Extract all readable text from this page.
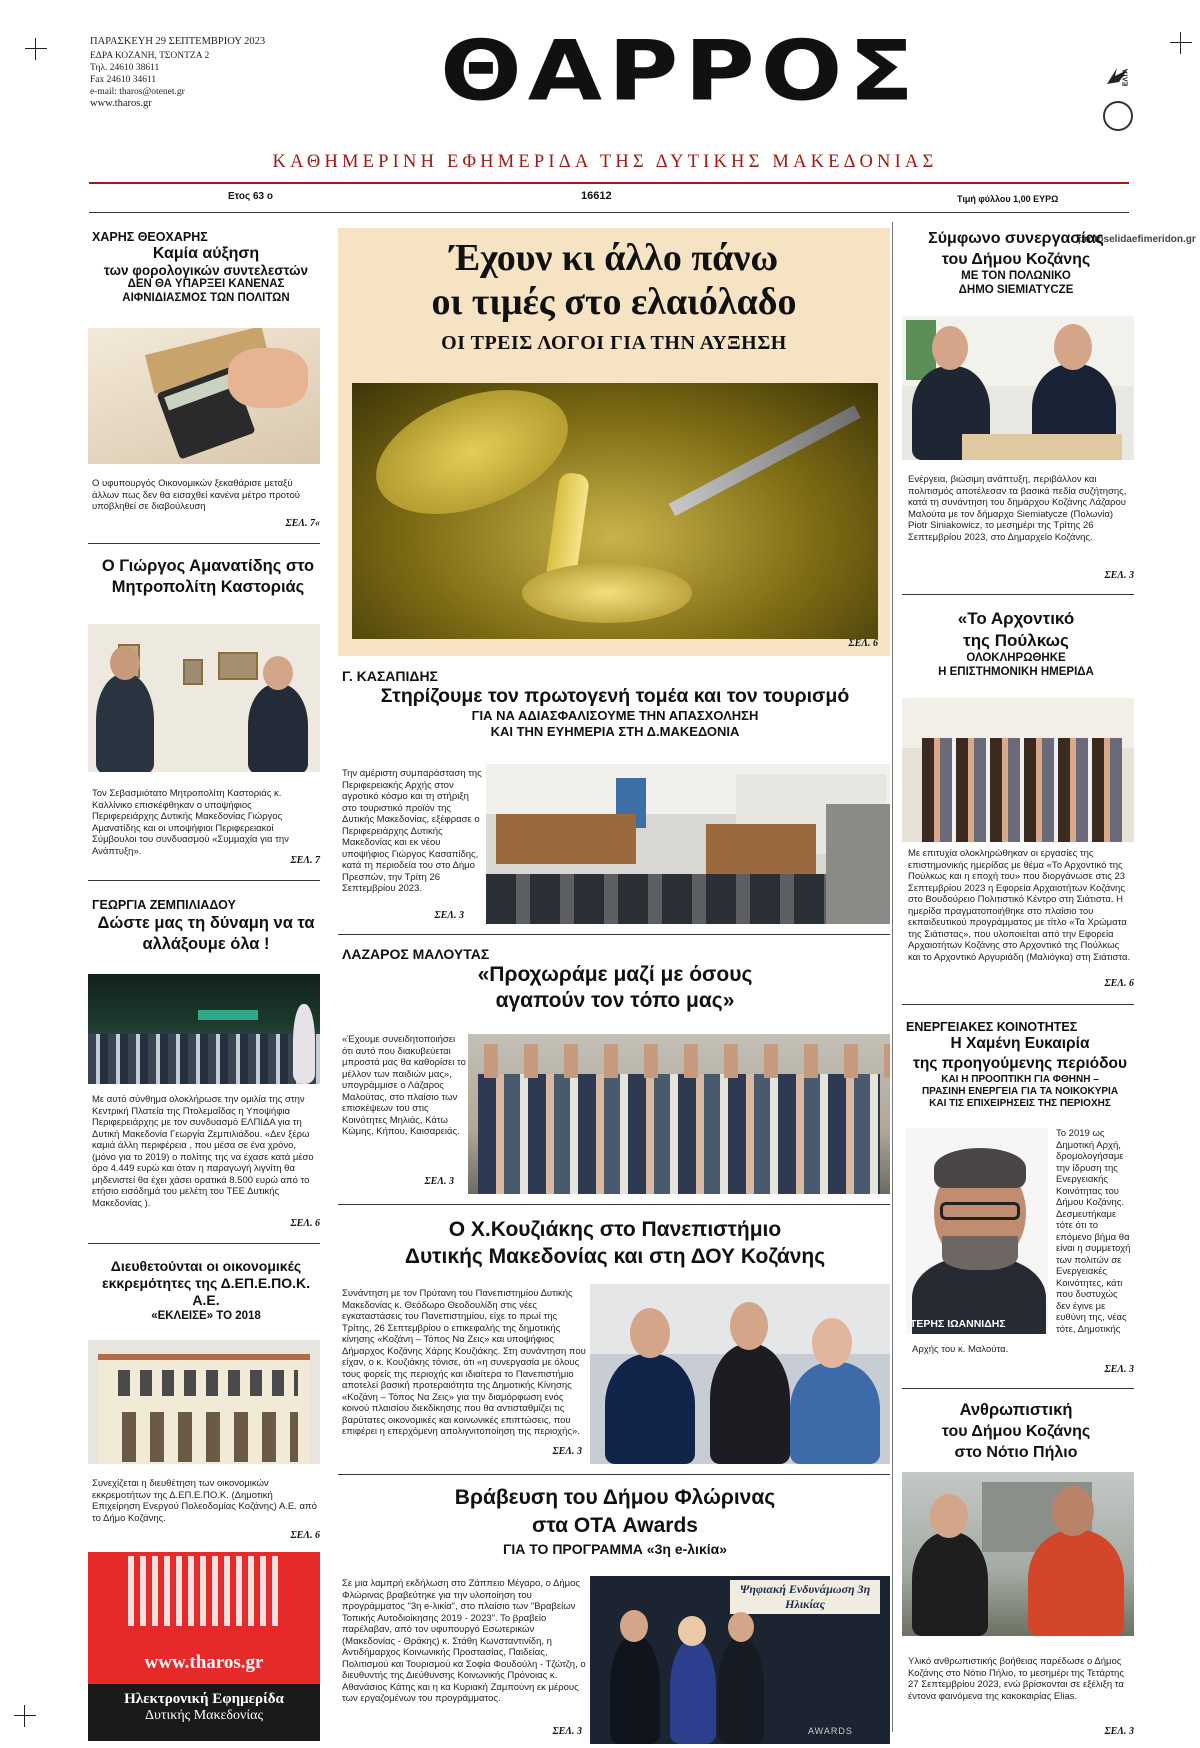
ΠΑΡΑΣΚΕΥΗ 29 ΣΕΠΤΕΜΒΡΙΟΥ 2023
ΕΔΡΑ ΚΟΖΑΝΗ, ΤΣΟΝΤΖΑ 2
Τηλ. 24610 38611
Fax 24610 34611
e-mail: tharos@otenet.gr
www.tharos.gr	ΘΑΡΡΟΣ	ΕΛΤΑ
protoselidaefimeridon.gr
ΚΑΘΗΜΕΡΙΝΗ ΕΦΗΜΕΡΙΔΑ ΤΗΣ ΔΥΤΙΚΗΣ ΜΑΚΕΔΟΝΙΑΣ
Ετος 63 ο	16612	Τιμή φύλλου 1,00 ΕΥΡΩ
ΧΑΡΗΣ ΘΕΟΧΑΡΗΣ
Καμία αύξηση
των φορολογικών συντελεστών
ΔΕΝ ΘΑ ΥΠΑΡΞΕΙ ΚΑΝΕΝΑΣ
ΑΙΦΝΙΔΙΑΣΜΟΣ ΤΩΝ ΠΟΛΙΤΩΝ
Ο υφυπουργός Οικονομικών ξεκαθάρισε μεταξύ άλλων πως δεν θα εισαχθεί κανένα μέτρο προτού υποβληθεί σε διαβούλευση
ΣΕΛ. 7«
Ο Γιώργος Αμανατίδης στο Μητροπολίτη Καστοριάς
Τον Σεβασμιότατο Μητροπολίτη Καστοριάς κ. Καλλίνικο επισκέφθηκαν ο υποψήφιος Περιφερειάρχης Δυτικής Μακεδονίας Γιώργος Αμανατίδης και οι υποψήφιοι Περιφερειακοί Σύμβουλοι του συνδυασμού «Συμμαχία για την Ανάπτυξη».
ΣΕΛ. 7
ΓΕΩΡΓΙΑ ΖΕΜΠΙΛΙΑΔΟΥ
Δώστε μας τη δύναμη να τα αλλάξουμε όλα !
Με αυτό σύνθημα ολοκλήρωσε την ομιλία της στην Κεντρική Πλατεία της Πτολεμαΐδας η Υποψήφια Περιφερειάρχης με τον συνδυασμό ΕΛΠΙΔΑ για τη Δυτική Μακεδονία Γεωργία Ζεμπιλιάδου. «Δεν ξέρω καμιά άλλη περιφέρεια , που μέσα σε ένα χρόνο, (μόνο για το 2019) ο πολίτης της να έχασε κατά μέσο όρο 4.449 ευρώ και όταν η παραγωγή λιγνίτη θα μηδενιστεί θα έχει χάσει ορατικά 8.500 ευρώ από το ετήσιο εισόδημά του μελέτη του ΤΕΕ Δυτικής Μακεδονίας ).
ΣΕΛ. 6
Διευθετούνται οι οικονομικές εκκρεμότητες της Δ.ΕΠ.Ε.ΠΟ.Κ. Α.Ε.
«ΕΚΛΕΙΣΕ» ΤΟ 2018
Συνεχίζεται η διευθέτηση των οικονομικών εκκρεμοτήτων της Δ.ΕΠ.Ε.ΠΟ.Κ. (Δημοτική Επιχείρηση Ενεργού Πολεοδομίας Κοζάνης) Α.Ε. από το Δήμο Κοζάνης.
ΣΕΛ. 6
www.tharos.gr
Ηλεκτρονική Εφημερίδα
Δυτικής Μακεδονίας
Έχουν κι άλλο πάνω
οι τιμές στο ελαιόλαδο
ΟΙ ΤΡΕΙΣ ΛΟΓΟΙ ΓΙΑ ΤΗΝ ΑΥΞΗΣΗ
ΣΕΛ. 6
Γ. ΚΑΣΑΠΙΔΗΣ
Στηρίζουμε τον πρωτογενή τομέα και τον τουρισμό
ΓΙΑ ΝΑ ΑΔΙΑΣΦΑΛΙΣΟΥΜΕ ΤΗΝ ΑΠΑΣΧΟΛΗΣΗ
ΚΑΙ ΤΗΝ ΕΥΗΜΕΡΙΑ ΣΤΗ Δ.ΜΑΚΕΔΟΝΙΑ
Την αμέριστη συμπαράσταση της Περιφερειακής Αρχής στον αγροτικό κόσμο και τη στήριξη στο τουριστικό προϊόν της Δυτικής Μακεδονίας, εξέφρασε ο Περιφερειάρχης Δυτικής Μακεδονίας και εκ νέου υποψήφιος Γιώργος Κασαπίδης, κατά τη περιοδεία του στο Δήμο Πρεσπών, την Τρίτη 26 Σεπτεμβρίου 2023.
ΣΕΛ. 3
ΛΑΖΑΡΟΣ ΜΑΛΟΥΤΑΣ
«Προχωράμε μαζί με όσους
αγαπούν τον τόπο μας»
«Έχουμε συνειδητοποιήσει ότι αυτό που διακυβεύεται μπροστά μας θα καθορίσει το μέλλον των παιδιών μας», υπογράμμισε ο Λάζαρος Μαλούτας, στο πλαίσιο των επισκέψεων του στις Κοινότητες Μηλιάς, Κάτω Κώμης, Κήπου, Καισαρειάς.
ΣΕΛ. 3
Ο Χ.Κουζιάκης στο Πανεπιστήμιο
Δυτικής Μακεδονίας και στη ΔΟΥ Κοζάνης
Συνάντηση με τον Πρύτανη του Πανεπιστημίου Δυτικής Μακεδονίας κ. Θεόδωρο Θεοδουλίδη στις νέες εγκαταστάσεις του Πανεπιστημίου, είχε το πρωί της Τρίτης, 26 Σεπτεμβρίου ο επικεφαλής της δημοτικής κίνησης «Κοζάνη – Τόπος Να Ζεις» και υποψήφιος Δήμαρχος Κοζάνης Χάρης Κουζιάκης. Στη συνάντηση που είχαν, ο κ. Κουζιάκης τόνισε, ότι «η συνεργασία με όλους τους φορείς της περιοχής και ιδιαίτερα το Πανεπιστήμιο αποτελεί βασική προτεραιότητα της Δημοτικής Κίνησης «Κοζάνη – Τόπος Να Ζεις» για την διαμόρφωση ενός κοινού πλαισίου διεκδίκησης που θα αντισταθμίζει τις βαρύτατες οικονομικές και κοινωνικές επιπτώσεις, που επιφέρει η επερχόμενη απολιγνιτοποίηση της περιοχής».
ΣΕΛ. 3
Βράβευση του Δήμου Φλώρινας
στα ΟΤΑ Awards
ΓΙΑ ΤΟ ΠΡΟΓΡΑΜΜΑ «3η e-λικία»
Σε μια λαμπρή εκδήλωση στο Ζάππειο Μέγαρο, ο Δήμος Φλώρινας βραβεύτηκε για την υλοποίηση του προγράμματος "3η e-λικία", στο πλαίσιο των "Βραβείων Τοπικής Αυτοδιοίκησης 2019 - 2023". Το βραβείο παρέλαβαν, από τον υφυπουργό Εσωτερικών (Μακεδονίας - Θράκης) κ. Στάθη Κωνσταντινίδη, η Αντιδήμαρχος Κοινωνικής Προστασίας, Παιδείας, Πολιτισμού και Τουρισμού κα Σοφία Φουδούλη - Τζώτζη, ο διευθυντής της Διεύθυνσης Κοινωνικής Πρόνοιας κ. Αθανάσιος Κάτης και η κα Κυριακή Ζαμπούνη εκ μέρους των εργαζομένων του προγράμματος.
ΣΕΛ. 3
Ψηφιακή Ενδυνάμωση 3η Ηλικίας
AWARDS
Σύμφωνο συνεργασίας
του Δήμου Κοζάνης
ΜΕ ΤΟΝ ΠΟΛΩΝΙΚΟ
ΔΗΜΟ SIEMIATYCZE
Ενέργεια, βιώσιμη ανάπτυξη, περιβάλλον και πολιτισμός αποτέλεσαν τα βασικά πεδία συζήτησης, κατά τη συνάντηση του δημάρχου Κοζάνης Λάζαρου Μαλούτα με τον δήμαρχο Siemiatycze (Πολωνία) Piotr Siniakowicz, το μεσημέρι της Τρίτης 26 Σεπτεμβρίου 2023, στο Δημαρχείο Κοζάνης.
ΣΕΛ. 3
«Το Αρχοντικό
της Πούλκως
ΟΛΟΚΛΗΡΩΘΗΚΕ
Η ΕΠΙΣΤΗΜΟΝΙΚΗ ΗΜΕΡΙΔΑ
Με επιτυχία ολοκληρώθηκαν οι εργασίες της επιστημονικής ημερίδας με θέμα «Το Αρχοντικό της Πούλκως και η εποχή του» που διοργάνωσε στις 23 Σεπτεμβρίου 2023 η Εφορεία Αρχαιοτήτων Κοζάνης στο Βουδούρειο Πολιτιστικό Κέντρο στη Σιάτιστα. Η ημερίδα πραγματοποιήθηκε στο πλαίσιο του εκπαιδευτικού προγράμματος με τίτλο «Τα Χρώματα της Σιάτιστας», που υλοποιείται από την Εφορεία Αρχαιοτήτων Κοζάνης στο Αρχοντικό της Πούλκως και το Αρχοντικό Αργυριάδη (Μαλιόγκα) στη Σιάτιστα.
ΣΕΛ. 6
ΕΝΕΡΓΕΙΑΚΕΣ ΚΟΙΝΟΤΗΤΕΣ
Η Χαμένη Ευκαιρία
της προηγούμενης περιόδου
ΚΑΙ Η ΠΡΟΟΠΤΙΚΗ ΓΙΑ ΦΘΗΝΗ –
ΠΡΑΣΙΝΗ ΕΝΕΡΓΕΙΑ ΓΙΑ ΤΑ ΝΟΙΚΟΚΥΡΙΑ
ΚΑΙ ΤΙΣ ΕΠΙΧΕΙΡΗΣΕΙΣ ΤΗΣ ΠΕΡΙΟΧΗΣ
ΤΕΡΗΣ ΙΩΑΝΝΙΔΗΣ
Το 2019 ως Δημοτική Αρχή, δρομολογήσαμε την ίδρυση της Ενεργειακής Κοινότητας του Δήμου Κοζάνης. Δεσμευτήκαμε τότε ότι το επόμενο βήμα θα είναι η συμμετοχή των πολιτών σε Ενεργειακές Κοινότητες, κάτι που δυστυχώς δεν έγινε με ευθύνη της, νέας τότε, Δημοτικής
Αρχής του κ. Μαλούτα.
ΣΕΛ. 3
Ανθρωπιστική
του Δήμου Κοζάνης
στο Νότιο Πήλιο
Υλικό ανθρωπιστικής βοήθειας παρέδωσε ο Δήμος Κοζάνης στο Νότιο Πήλιο, το μεσημέρι της Τετάρτης 27 Σεπτεμβρίου 2023, ενώ βρίσκονται σε εξέλιξη τα έντονα φαινόμενα της κακοκαιρίας Elias.
ΣΕΛ. 3
